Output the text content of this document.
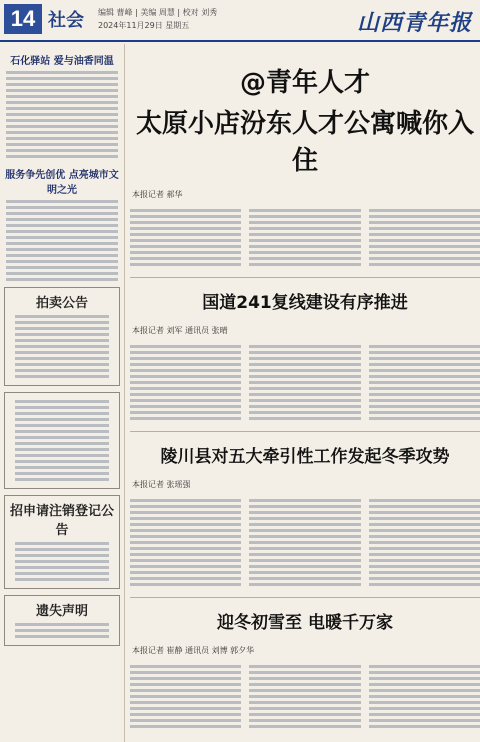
14 社会 编辑 曹峰 | 美编 周慧 | 校对 刘秀
2024年11月29日 星期五	山西青年报
石化驿站 爱与油香同温
服务争先创优 点亮城市文明之光
拍卖公告
招申请注销登记公告
遗失声明
@青年人才
太原小店汾东人才公寓喊你入住
本报记者 郝华
国道241复线建设有序推进
本报记者 刘军 通讯员 张晴
陵川县对五大牵引性工作发起冬季攻势
本报记者 张瑶强
迎冬初雪至 电暖千万家
本报记者 崔静 通讯员 刘博 郭夕华
